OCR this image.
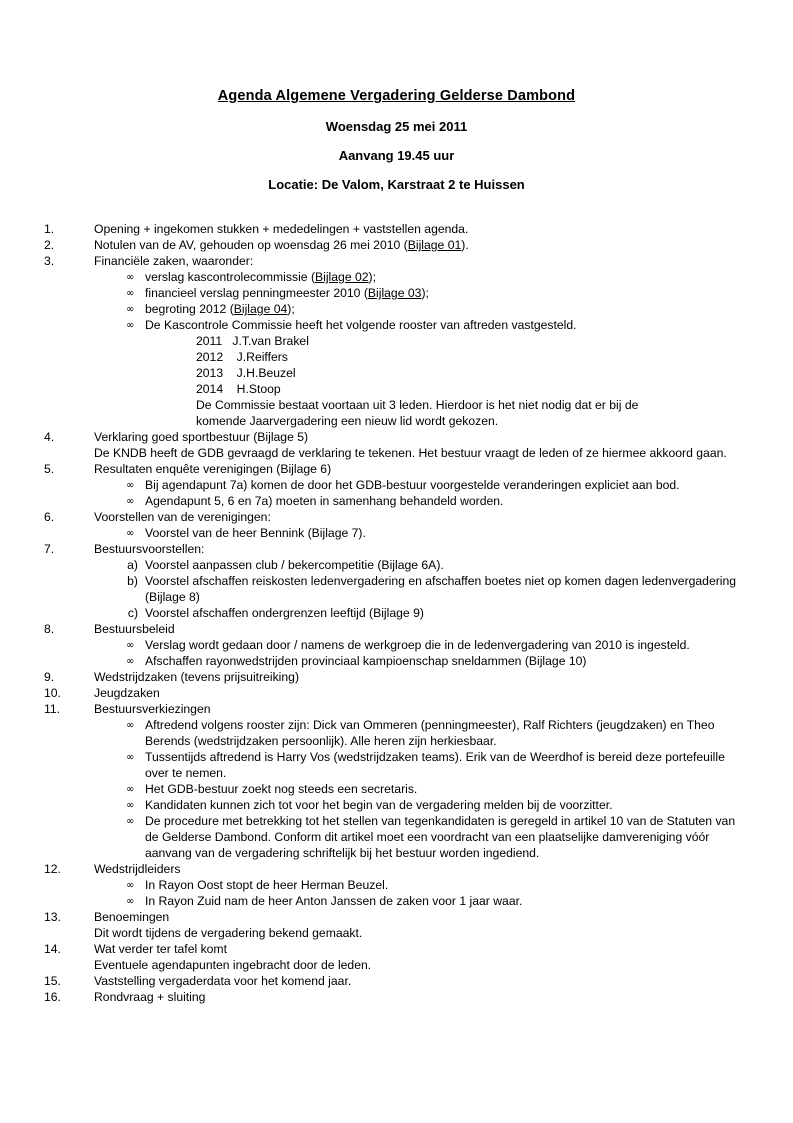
Agenda Algemene Vergadering Gelderse Dambond

Woensdag 25 mei 2011

Aanvang 19.45 uur

Locatie: De Valom, Karstraat 2 te Huissen

1.	Opening + ingekomen stukken + mededelingen + vaststellen agenda.
2.	Notulen van de AV, gehouden op woensdag 26 mei 2010 (Bijlage 01).
3.	Financiële zaken, waaronder:
∞ verslag kascontrolecommissie (Bijlage 02);
∞ financieel verslag penningmeester 2010 (Bijlage 03);
∞ begroting 2012 (Bijlage 04);
∞ De Kascontrole Commissie heeft het volgende rooster van aftreden vastgesteld.
2011   J.T.van Brakel
2012    J.Reiffers
2013    J.H.Beuzel
2014    H.Stoop
De Commissie bestaat voortaan uit 3 leden. Hierdoor is het niet nodig dat er bij de komende Jaarvergadering een nieuw lid wordt gekozen.
4.	Verklaring goed sportbestuur (Bijlage 5)
De KNDB heeft de GDB gevraagd de verklaring te tekenen. Het bestuur vraagt de leden of ze hiermee akkoord gaan.
5.	Resultaten enquête verenigingen (Bijlage 6)
∞ Bij agendapunt 7a) komen de door het GDB-bestuur voorgestelde veranderingen expliciet aan bod.
∞ Agendapunt 5, 6 en 7a) moeten in samenhang behandeld worden.
6.	Voorstellen van de verenigingen:
∞ Voorstel van de heer Bennink (Bijlage 7).
7.	Bestuursvoorstellen:
a) Voorstel aanpassen club / bekercompetitie (Bijlage 6A).
b) Voorstel afschaffen reiskosten ledenvergadering en afschaffen boetes niet op komen dagen ledenvergadering (Bijlage 8)
c) Voorstel afschaffen ondergrenzen leeftijd (Bijlage 9)
8.	Bestuursbeleid
∞ Verslag wordt gedaan door / namens de werkgroep die in de ledenvergadering van 2010 is ingesteld.
∞ Afschaffen rayonwedstrijden provinciaal kampioenschap sneldammen (Bijlage 10)
9.	Wedstrijdzaken (tevens prijsuitreiking)
10.	Jeugdzaken
11.	Bestuursverkiezingen
∞ Aftredend volgens rooster zijn: Dick van Ommeren (penningmeester), Ralf Richters (jeugdzaken) en Theo Berends (wedstrijdzaken persoonlijk). Alle heren zijn herkiesbaar.
∞ Tussentijds aftredend is Harry Vos (wedstrijdzaken teams). Erik van de Weerdhof is bereid deze portefeuille over te nemen.
∞ Het GDB-bestuur zoekt nog steeds een secretaris.
∞ Kandidaten kunnen zich tot voor het begin van de vergadering melden bij de voorzitter.
∞ De procedure met betrekking tot het stellen van tegenkandidaten is geregeld in artikel 10 van de Statuten van de Gelderse Dambond. Conform dit artikel moet een voordracht van een plaatselijke damvereniging vóór aanvang van de vergadering schriftelijk bij het bestuur worden ingediend.
12.	Wedstrijdleiders
∞ In Rayon Oost stopt de heer Herman Beuzel.
∞ In Rayon Zuid nam de heer Anton Janssen de zaken voor 1 jaar waar.
13.	Benoemingen
Dit wordt tijdens de vergadering bekend gemaakt.
14.	Wat verder ter tafel komt
Eventuele agendapunten ingebracht door de leden.
15.	Vaststelling vergaderdata voor het komend jaar.
16.	Rondvraag + sluiting
